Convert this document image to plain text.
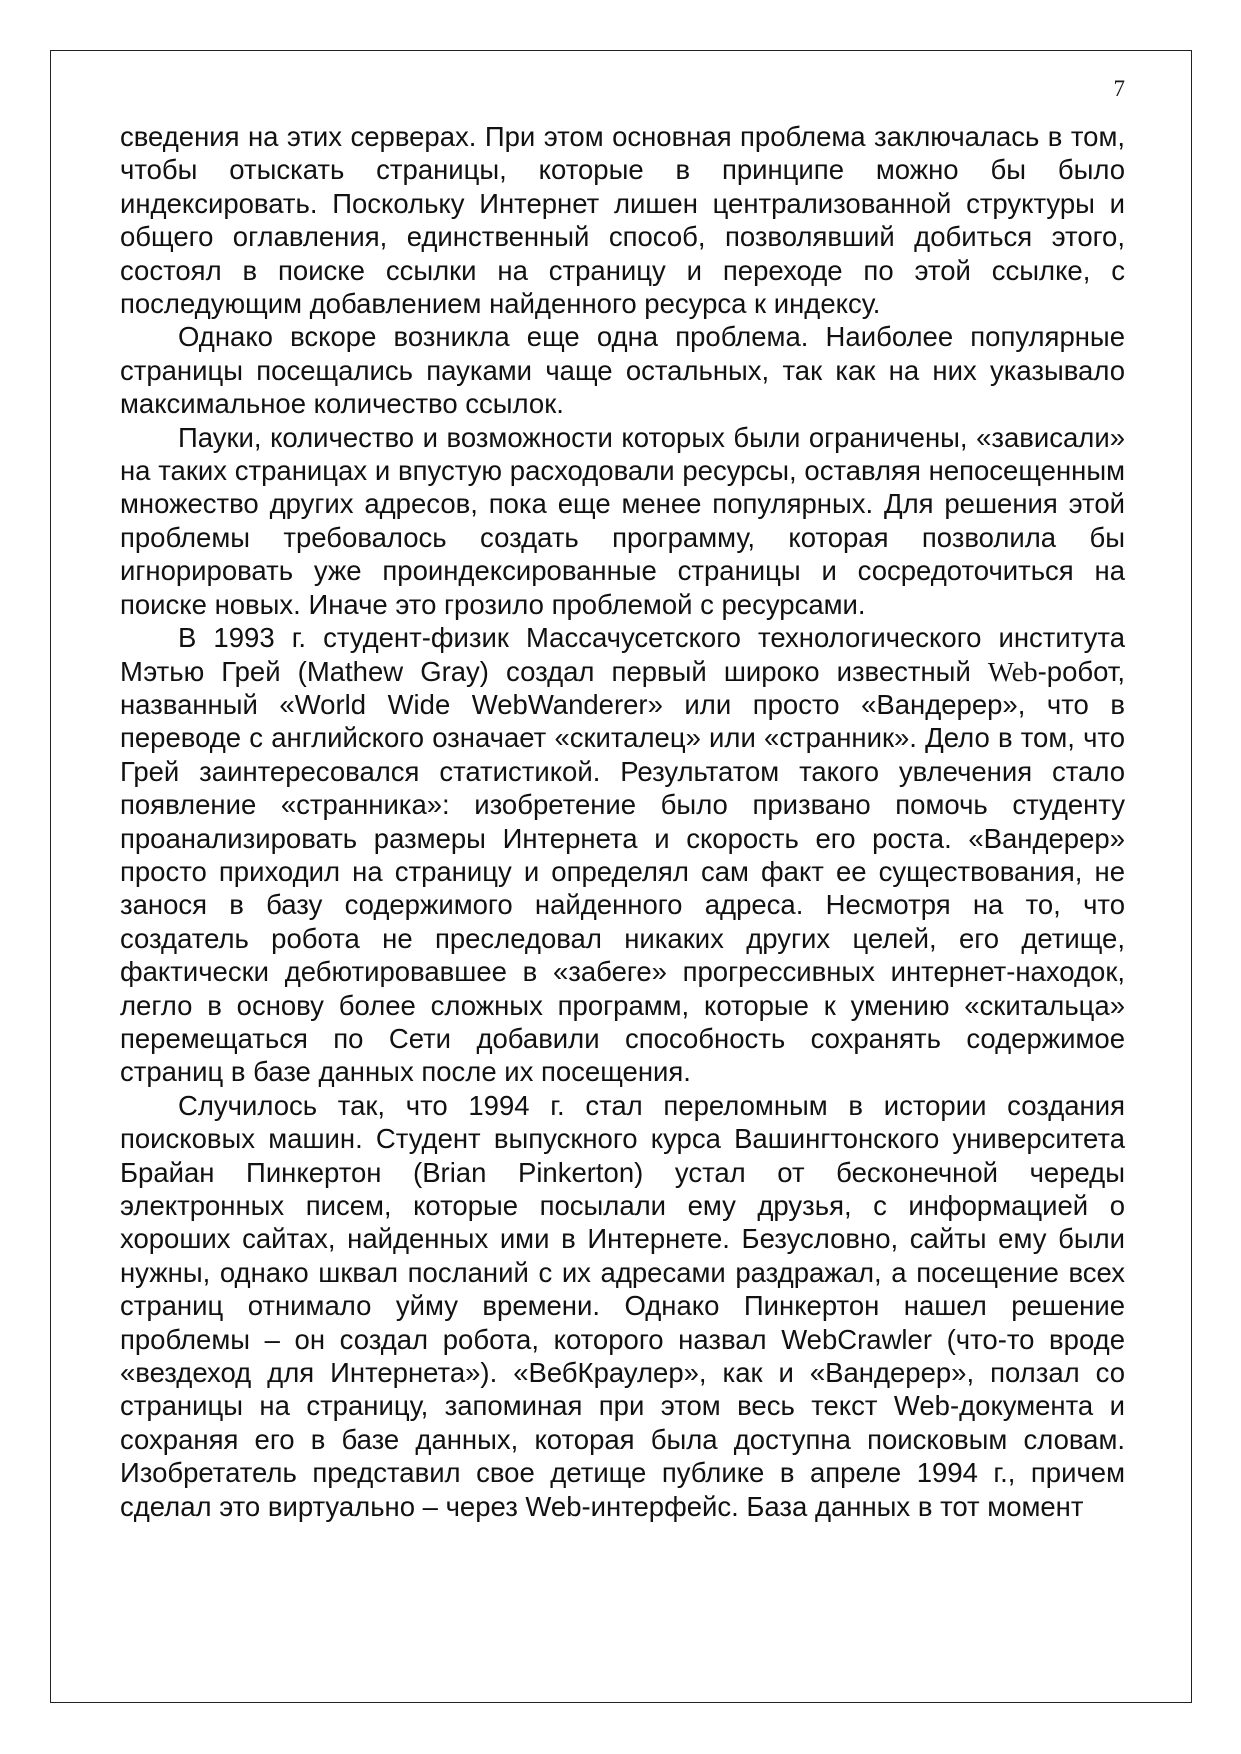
7

сведения на этих серверах. При этом основная проблема заключалась в том, чтобы отыскать страницы, которые в принципе можно бы было индексировать. Поскольку Интернет лишен централизованной структуры и общего оглавления, единственный способ, позволявший добиться этого, состоял в поиске ссылки на страницу и переходе по этой ссылке, с последующим добавлением найденного ресурса к индексу.

Однако вскоре возникла еще одна проблема. Наиболее популярные страницы посещались пауками чаще остальных, так как на них указывало максимальное количество ссылок.

Пауки, количество и возможности которых были ограничены, «зависали» на таких страницах и впустую расходовали ресурсы, оставляя непосещенным множество других адресов, пока еще менее популярных. Для решения этой проблемы требовалось создать программу, которая позволила бы игнорировать уже проиндексированные страницы и сосредоточиться на поиске новых. Иначе это грозило проблемой с ресурсами.

В 1993 г. студент-физик Массачусетского технологического института Мэтью Грей (Mathew Gray) создал первый широко известный Web-робот, названный «World Wide WebWanderer» или просто «Вандерер», что в переводе с английского означает «скиталец» или «странник». Дело в том, что Грей заинтересовался статистикой. Результатом такого увлечения стало появление «странника»: изобретение было призвано помочь студенту проанализировать размеры Интернета и скорость его роста. «Вандерер» просто приходил на страницу и определял сам факт ее существования, не занося в базу содержимого найденного адреса. Несмотря на то, что создатель робота не преследовал никаких других целей, его детище, фактически дебютировавшее в «забеге» прогрессивных интернет-находок, легло в основу более сложных программ, которые к умению «скитальца» перемещаться по Сети добавили способность сохранять содержимое страниц в базе данных после их посещения.

Случилось так, что 1994 г. стал переломным в истории создания поисковых машин. Студент выпускного курса Вашингтонского университета Брайан Пинкертон (Brian Pinkerton) устал от бесконечной череды электронных писем, которые посылали ему друзья, с информацией о хороших сайтах, найденных ими в Интернете. Безусловно, сайты ему были нужны, однако шквал посланий с их адресами раздражал, а посещение всех страниц отнимало уйму времени. Однако Пинкертон нашел решение проблемы – он создал робота, которого назвал WebCrawler (что-то вроде «вездеход для Интернета»). «ВебКраулер», как и «Вандерер», ползал со страницы на страницу, запоминая при этом весь текст Web-документа и сохраняя его в базе данных, которая была доступна поисковым словам. Изобретатель представил свое детище публике в апреле 1994 г., причем сделал это виртуально – через Web-интерфейс. База данных в тот момент
